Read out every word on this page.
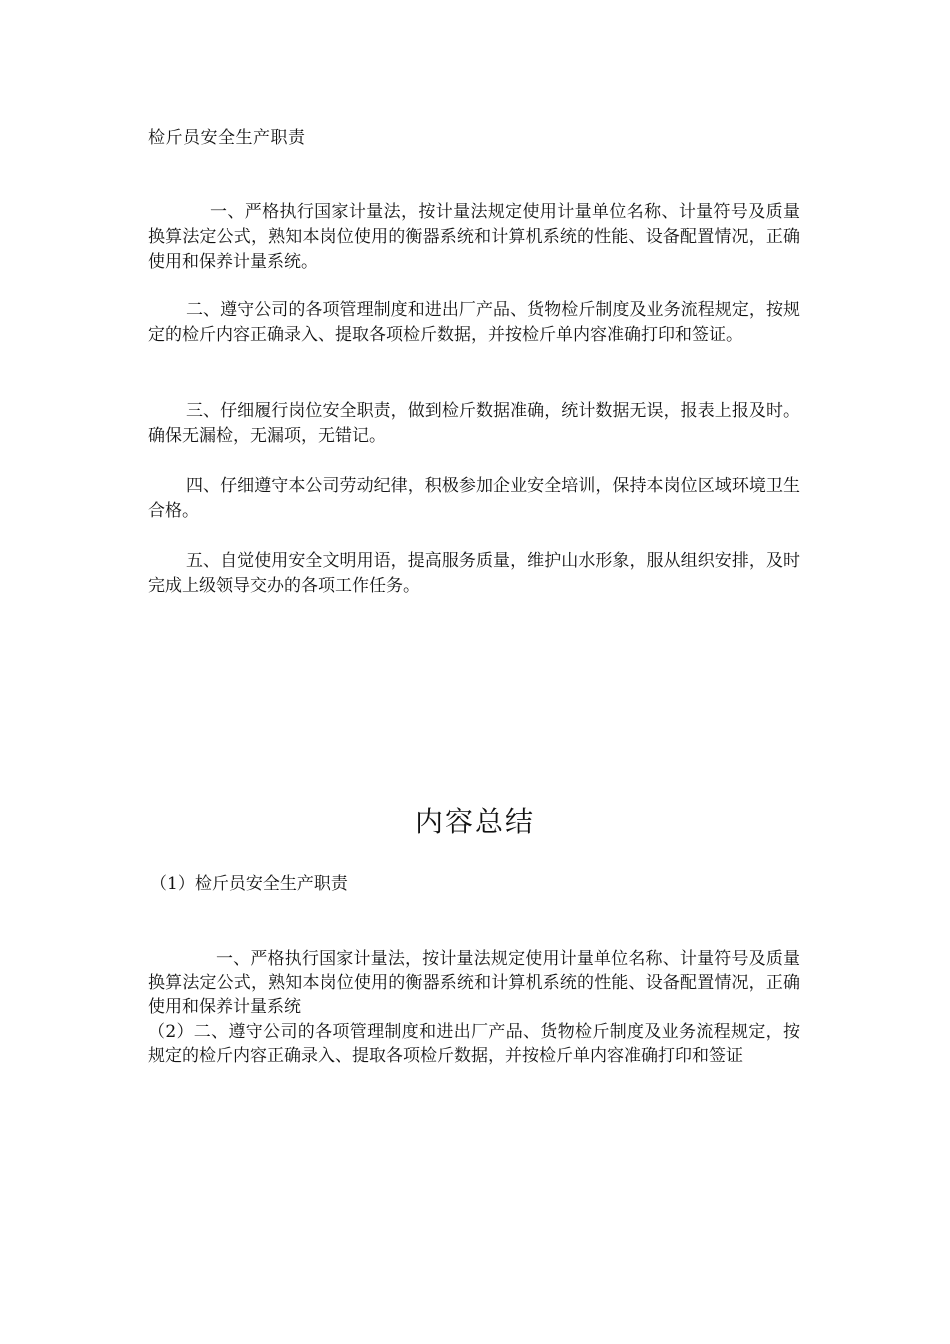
检斤员安全生产职责

一、严格执行国家计量法，按计量法规定使用计量单位名称、计量符号及质量换算法定公式，熟知本岗位使用的衡器系统和计算机系统的性能、设备配置情况，正确使用和保养计量系统。

二、遵守公司的各项管理制度和进出厂产品、货物检斤制度及业务流程规定，按规定的检斤内容正确录入、提取各项检斤数据，并按检斤单内容准确打印和签证。

三、仔细履行岗位安全职责，做到检斤数据准确，统计数据无误，报表上报及时。确保无漏检，无漏项，无错记。

四、仔细遵守本公司劳动纪律，积极参加企业安全培训，保持本岗位区域环境卫生合格。

五、自觉使用安全文明用语，提高服务质量，维护山水形象，服从组织安排，及时完成上级领导交办的各项工作任务。

内容总结
（1）检斤员安全生产职责

一、严格执行国家计量法，按计量法规定使用计量单位名称、计量符号及质量换算法定公式，熟知本岗位使用的衡器系统和计算机系统的性能、设备配置情况，正确使用和保养计量系统

（2）二、遵守公司的各项管理制度和进出厂产品、货物检斤制度及业务流程规定，按规定的检斤内容正确录入、提取各项检斤数据，并按检斤单内容准确打印和签证
